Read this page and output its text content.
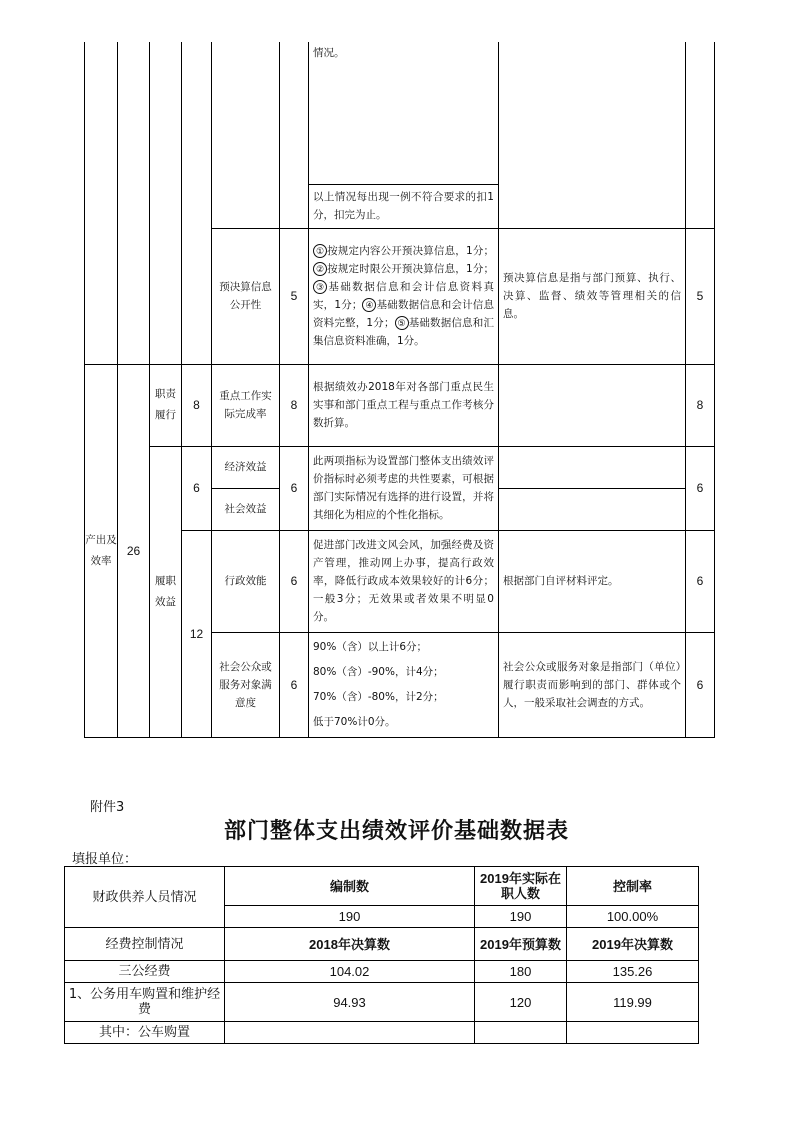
						情况。		
						以上情况每出现一例不符合要求的扣1分，扣完为止。		
				预决算信息公开性	5	① 按规定内容公开预决算信息，1分；② 按规定时限公开预决算信息，1分；③ 基础数据信息和会计信息资料真实，1分； ④ 基础数据信息和会计信息资料完整，1分； ⑤ 基础数据信息和汇集信息资料准确，1分。	预决算信息是指与部门预算、执行、决算、监督、绩效等管理相关的信息。	5
产出及效率	26	职责履行	8	重点工作实际完成率	8	根据绩效办2018年对各部门重点民生实事和部门重点工程与重点工作考核分数折算。		8
		履职效益	6	经济效益	6	此两项指标为设置部门整体支出绩效评价指标时必须考虑的共性要素，可根据部门实际情况有选择的进行设置，并将其细化为相应的个性化指标。		6
				社会效益				
			12	行政效能	6	促进部门改进文风会风，加强经费及资产管理，推动网上办事，提高行政效率，降低行政成本效果较好的计6分；一般3分；无效果或者效果不明显0分。	根据部门自评材料评定。	6
				社会公众或服务对象满意度	6	90%（含）以上计6分；
80%（含）-90%，计4分；
70%（含）-80%，计2分；
低于70%计0分。	社会公众或服务对象是指部门（单位）履行职责而影响到的部门、群体或个人，一般采取社会调查的方式。	6
附件3
部门整体支出绩效评价基础数据表
填报单位：
财政供养人员情况	编制数	2019年实际在职人数	控制率
	190	190	100.00%
经费控制情况	2018年决算数	2019年预算数	2019年决算数
三公经费	104.02	180	135.26
1、公务用车购置和维护经费	94.93	120	119.99
其中：公车购置			
